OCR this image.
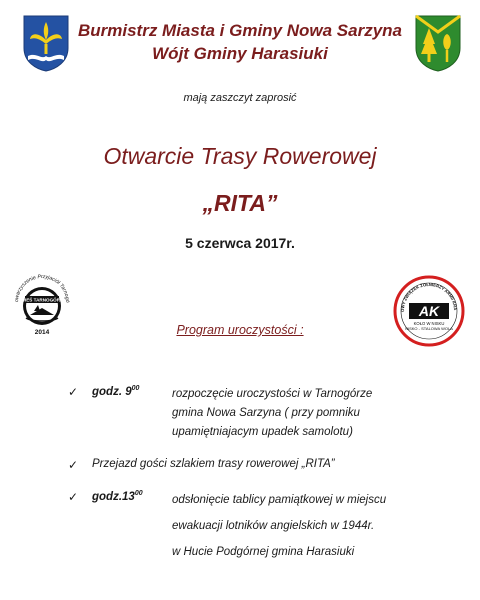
Burmistrz Miasta i Gminy Nowa Sarzyna
Wójt Gminy Harasiuki
mają zaszczyt zaprosić
Otwarcie Trasy Rowerowej
„RITA”
5 czerwca 2017r.
owarzyszenie Przyjaciół Tarnogó
WIEŚ TARNOGÓRA
2014
OWY ZWIĄZEK ŻOŁNIERZY ARMII KRA
AK
KOŁO W NISKU
NISKO - STALOWA WOLA
Program uroczystości :
✓ godz. $9^{00}$	rozpoczęcie uroczystości w Tarnogórze
gmina Nowa Sarzyna ( przy pomniku
upamiętniajacym upadek samolotu)
✓ Przejazd gości szlakiem trasy rowerowej „RITA”
✓ $godz.13^{00}$
odsłonięcie tablicy pamiątkowej w miejscu
ewakuacji lotników angielskich w 1944r.
w Hucie Podgórnej gmina Harasiuki
